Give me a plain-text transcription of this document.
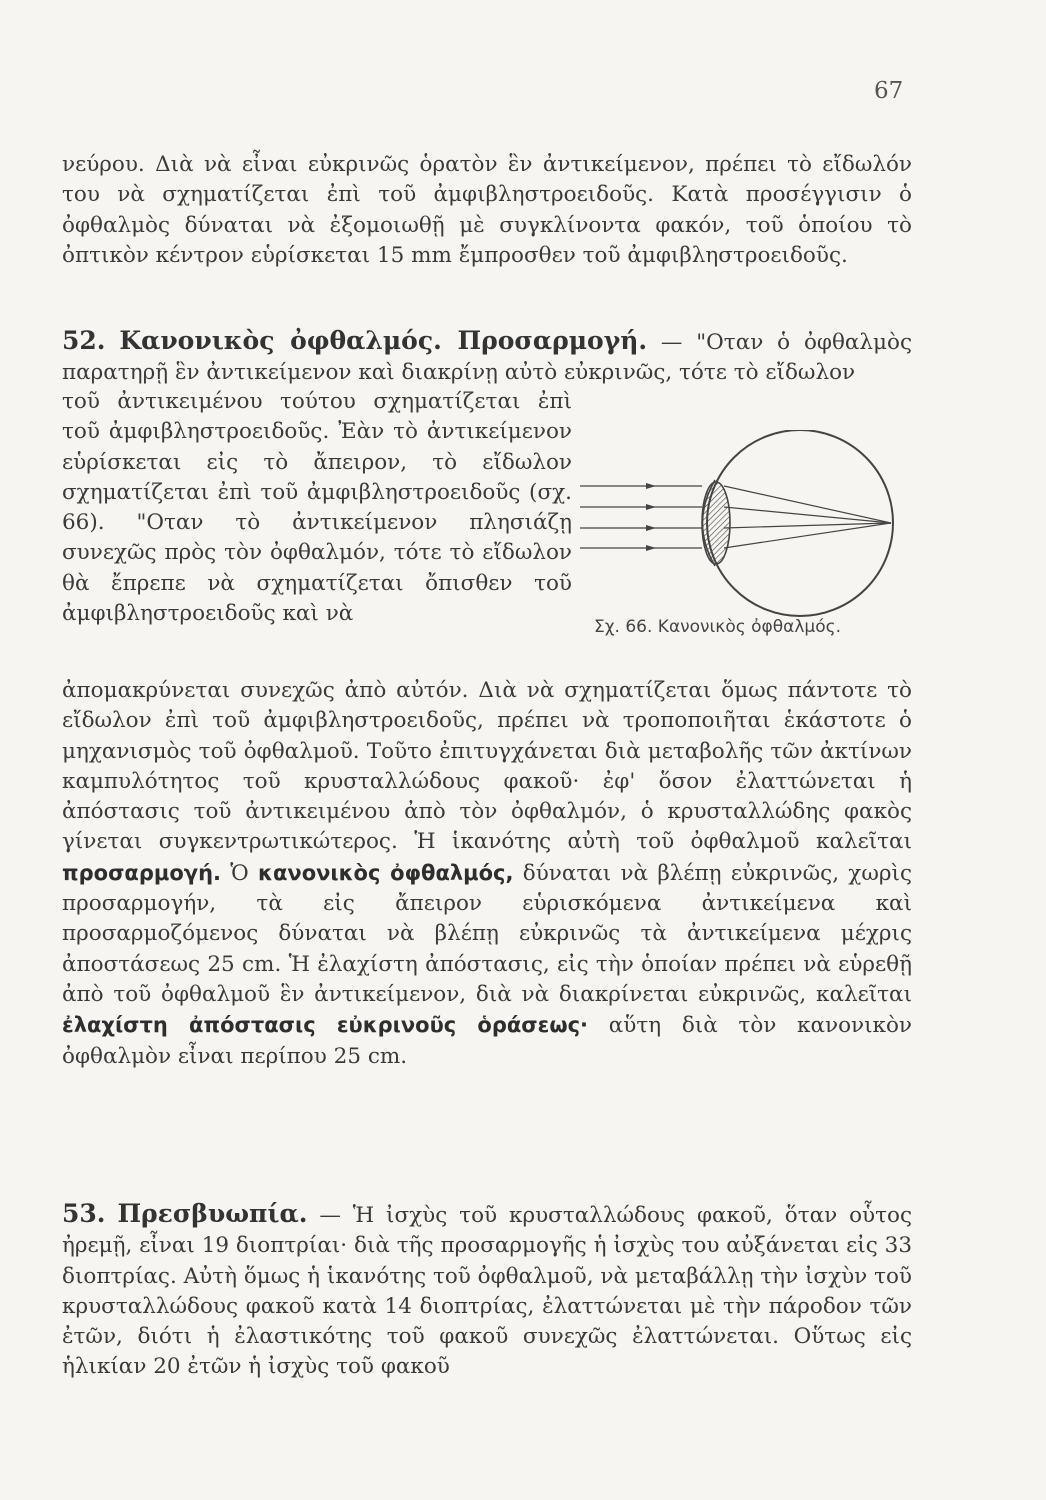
67

νεύρου. Διὰ νὰ εἶναι εὐκρινῶς ὁρατὸν ἓν ἀντικείμενον, πρέπει τὸ εἴδωλόν του νὰ σχηματίζεται ἐπὶ τοῦ ἀμφιβληστροειδοῦς. Κατὰ προσέγγισιν ὁ ὀφθαλμὸς δύναται νὰ ἐξομοιωθῇ μὲ συγκλίνοντα φακόν, τοῦ ὁποίου τὸ ὀπτικὸν κέντρον εὑρίσκεται 15 mm ἔμπροσθεν τοῦ ἀμφιβληστροειδοῦς.

52. Κανονικὸς ὀφθαλμός. Προσαρμογή. — "Οταν ὁ ὀφθαλμὸς παρατηρῇ ἓν ἀντικείμενον καὶ διακρίνῃ αὐτὸ εὐκρινῶς, τότε τὸ εἴδωλον

τοῦ ἀντικειμένου τούτου σχηματίζεται ἐπὶ τοῦ ἀμφιβληστροειδοῦς. Ἐὰν τὸ ἀντικείμενον εὑρίσκεται εἰς τὸ ἄπειρον, τὸ εἴδωλον σχηματίζεται ἐπὶ τοῦ ἀμφιβληστροειδοῦς (σχ. 66). "Οταν τὸ ἀντικείμενον πλησιάζῃ συνεχῶς πρὸς τὸν ὀφθαλμόν, τότε τὸ εἴδωλον θὰ ἔπρεπε νὰ σχηματίζεται ὄπισθεν τοῦ ἀμφιβληστροειδοῦς καὶ νὰ

Σχ. 66. Κανονικὸς ὀφθαλμός.

ἀπομακρύνεται συνεχῶς ἀπὸ αὐτόν. Διὰ νὰ σχηματίζεται ὅμως πάντοτε τὸ εἴδωλον ἐπὶ τοῦ ἀμφιβληστροειδοῦς, πρέπει νὰ τροποποιῆται ἑκάστοτε ὁ μηχανισμὸς τοῦ ὀφθαλμοῦ. Τοῦτο ἐπιτυγχάνεται διὰ μεταβολῆς τῶν ἀκτίνων καμπυλότητος τοῦ κρυσταλλώδους φακοῦ· ἐφ' ὅσον ἐλαττώνεται ἡ ἀπόστασις τοῦ ἀντικειμένου ἀπὸ τὸν ὀφθαλμόν, ὁ κρυσταλλώδης φακὸς γίνεται συγκεντρωτικώτερος. Ἡ ἱκανότης αὐτὴ τοῦ ὀφθαλμοῦ καλεῖται προσαρμογή. Ὁ κανονικὸς ὀφθαλμός, δύναται νὰ βλέπῃ εὐκρινῶς, χωρὶς προσαρμογήν, τὰ εἰς ἄπειρον εὑρισκόμενα ἀντικείμενα καὶ προσαρμοζόμενος δύναται νὰ βλέπῃ εὐκρινῶς τὰ ἀντικείμενα μέχρις ἀποστάσεως 25 cm. Ἡ ἐλαχίστη ἀπόστασις, εἰς τὴν ὁποίαν πρέπει νὰ εὑρεθῇ ἀπὸ τοῦ ὀφθαλμοῦ ἓν ἀντικείμενον, διὰ νὰ διακρίνεται εὐκρινῶς, καλεῖται ἐλαχίστη ἀπόστασις εὐκρινοῦς ὁράσεως· αὕτη διὰ τὸν κανονικὸν ὀφθαλμὸν εἶναι περίπου 25 cm.

53. Πρεσβυωπία. — Ἡ ἰσχὺς τοῦ κρυσταλλώδους φακοῦ, ὅταν οὗτος ἠρεμῇ, εἶναι 19 διοπτρίαι· διὰ τῆς προσαρμογῆς ἡ ἰσχὺς του αὐξάνεται εἰς 33 διοπτρίας. Αὐτὴ ὅμως ἡ ἱκανότης τοῦ ὀφθαλμοῦ, νὰ μεταβάλλῃ τὴν ἰσχὺν τοῦ κρυσταλλώδους φακοῦ κατὰ 14 διοπτρίας, ἐλαττώνεται μὲ τὴν πάροδον τῶν ἐτῶν, διότι ἡ ἐλαστικότης τοῦ φακοῦ συνεχῶς ἐλαττώνεται. Οὕτως εἰς ἡλικίαν 20 ἐτῶν ἡ ἰσχὺς τοῦ φακοῦ
